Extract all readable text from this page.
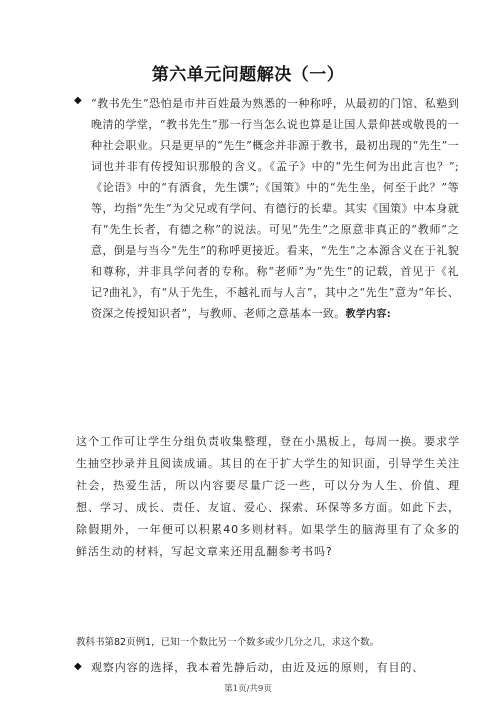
第六单元问题解决（一）
◆ “教书先生”恐怕是市井百姓最为熟悉的一种称呼，从最初的门馆、私塾到晚清的学堂，“教书先生”那一行当怎么说也算是让国人景仰甚或敬畏的一种社会职业。只是更早的“先生”概念并非源于教书，最初出现的“先生”一词也并非有传授知识那般的含义。《孟子》中的“先生何为出此言也？”;《论语》中的“有酒食，先生馔”;《国策》中的“先生坐，何至于此？”等等，均指“先生”为父兄或有学问、有德行的长辈。其实《国策》中本身就有“先生长者，有德之称”的说法。可见“先生”之原意非真正的“教师”之意，倒是与当今“先生”的称呼更接近。看来，“先生”之本源含义在于礼貌和尊称，并非具学问者的专称。称“老师”为“先生”的记载，首见于《礼记?曲礼》，有“从于先生，不越礼而与人言”，其中之“先生”意为“年长、资深之传授知识者”，与教师、老师之意基本一致。教学内容:
这个工作可让学生分组负责收集整理，登在小黑板上，每周一换。要求学生抽空抄录并且阅读成诵。其目的在于扩大学生的知识面，引导学生关注社会，热爱生活，所以内容要尽量广泛一些，可以分为人生、价值、理想、学习、成长、责任、友谊、爱心、探索、环保等多方面。如此下去，除假期外，一年便可以积累40多则材料。如果学生的脑海里有了众多的鲜活生动的材料，写起文章来还用乱翻参考书吗?
教科书第82页例1，已知一个数比另一个数多或少几分之几，求这个数。
◆ 观察内容的选择，我本着先静后动，由近及远的原则，有目的、
第1页/共9页
